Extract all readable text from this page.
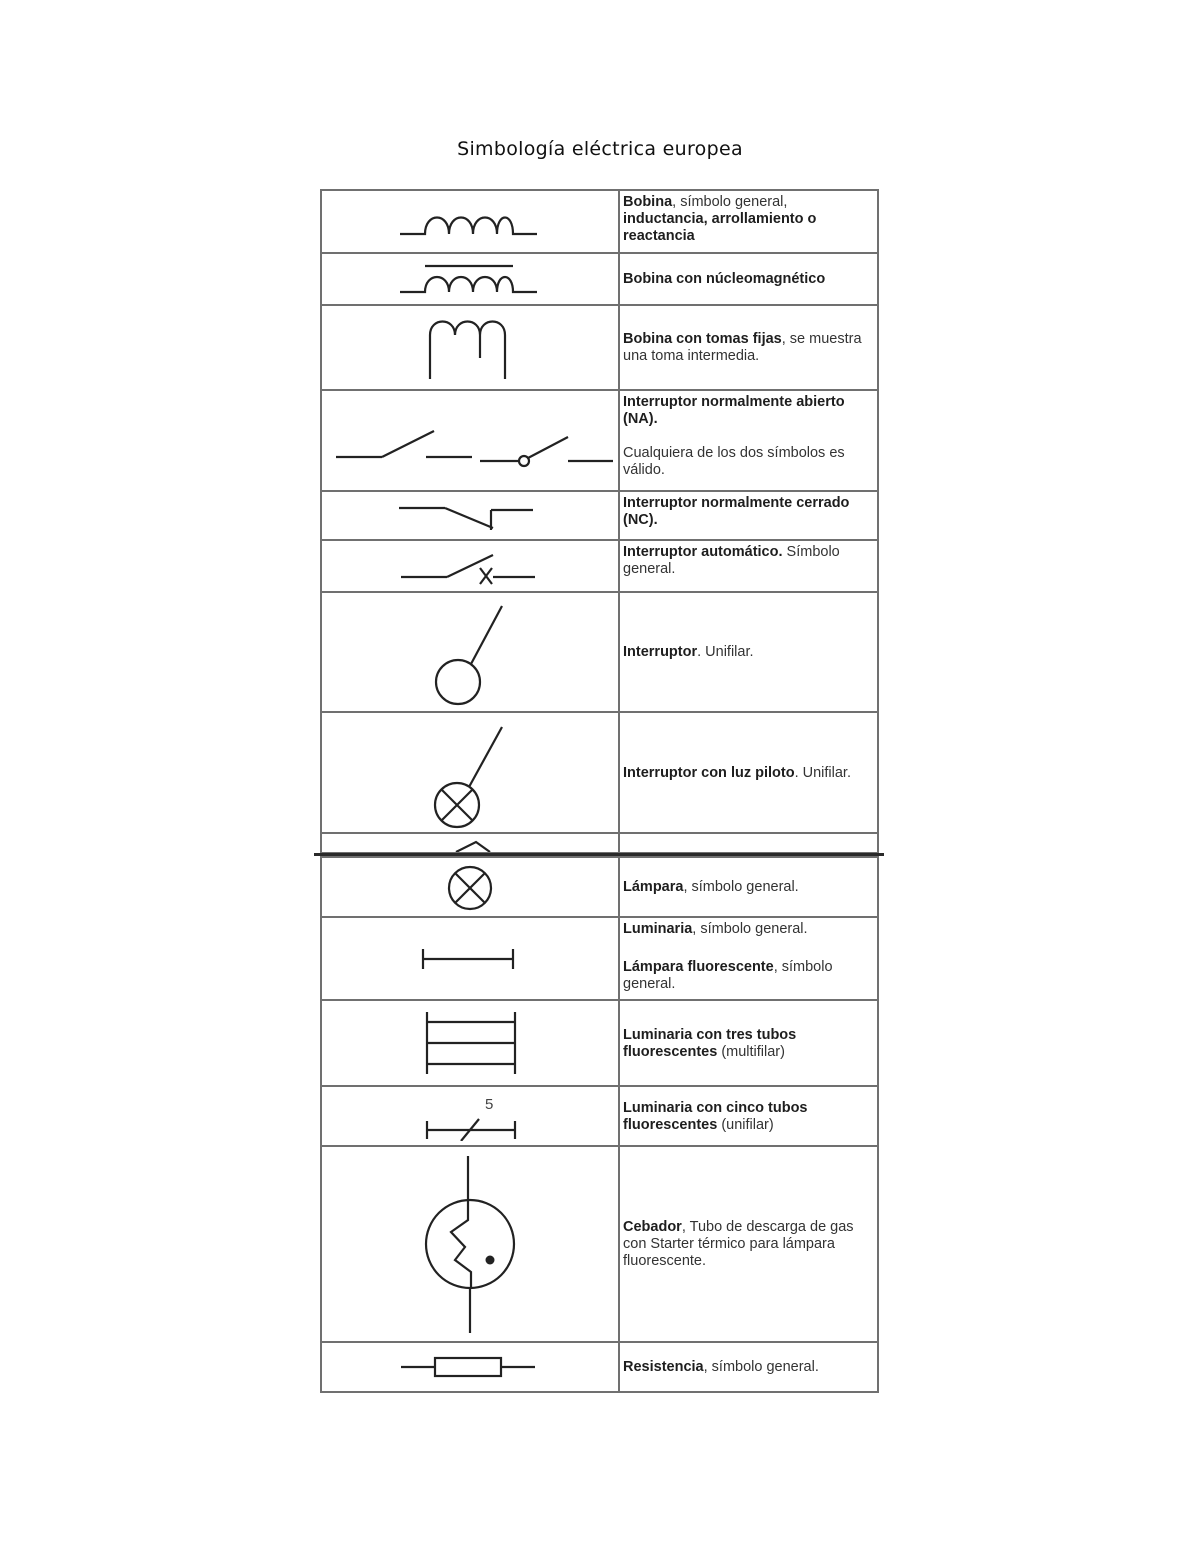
Simbología eléctrica europea
	Bobina, símbolo general, inductancia, arrollamiento o reactancia

	Bobina con núcleomagnético

	Bobina con tomas fijas, se muestra una toma intermedia.

	Interruptor normalmente abierto (NA).
Cualquiera de los dos símbolos es válido.

	Interruptor normalmente cerrado (NC).

	Interruptor automático. Símbolo general.

	Interruptor. Unifilar.

	Interruptor con luz piloto. Unifilar.

	Lámpara, símbolo general.

	Luminaria, símbolo general.
Lámpara fluorescente, símbolo general.

	Luminaria con tres tubos fluorescentes (multifilar)

5	Luminaria con cinco tubos fluorescentes (unifilar)

	Cebador, Tubo de descarga de gas con Starter térmico para lámpara fluorescente.

	Resistencia, símbolo general.
